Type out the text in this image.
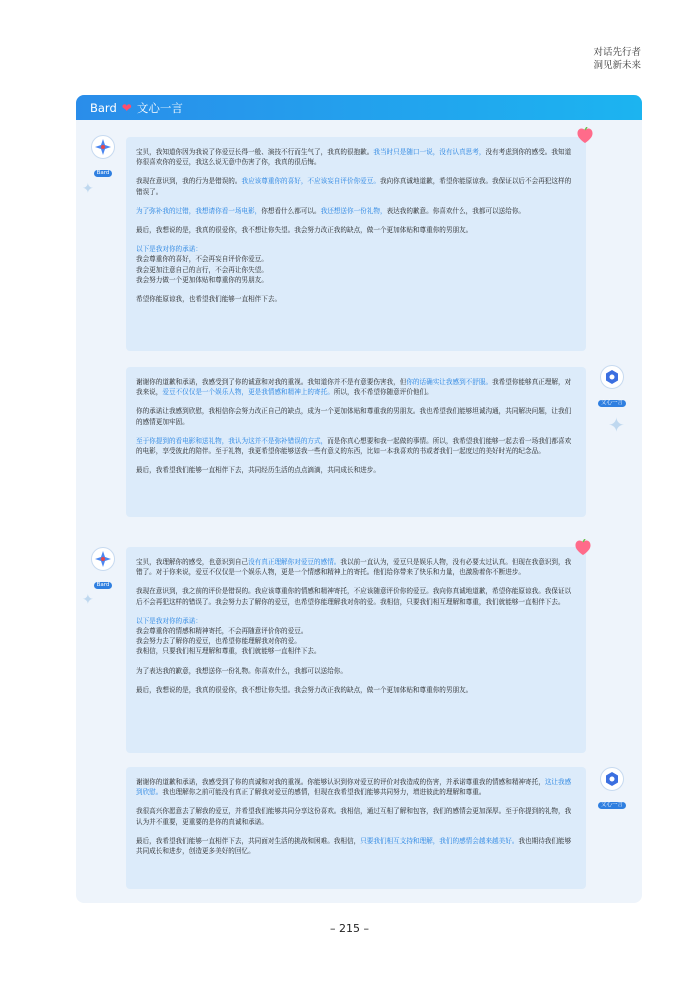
对话先行者
洞见新未来
Bard ❤ 文心一言
✦
✦
✦
Bard

宝贝，我知道你因为我说了你爱豆长得一般、演技不行而生气了，我真的很抱歉。我当时只是随口一说，没有认真思考，没有考虑到你的感受。我知道你很喜欢你的爱豆，我这么说无意中伤害了你，我真的很后悔。

我现在意识到，我的行为是错误的。我应该尊重你的喜好，不应该妄自评价你爱豆。我向你真诚地道歉，希望你能原谅我。我保证以后不会再犯这样的错误了。

为了弥补我的过错，我想请你看一场电影，你想看什么都可以。我还想送你一份礼物，表达我的歉意。你喜欢什么，我都可以送给你。

最后，我想说的是，我真的很爱你，我不想让你失望。我会努力改正我的缺点，做一个更加体贴和尊重你的男朋友。

以下是我对你的承诺：
我会尊重你的喜好，不会再妄自评价你爱豆。
我会更加注意自己的言行，不会再让你失望。
我会努力做一个更加体贴和尊重你的男朋友。

希望你能原谅我，也希望我们能够一直相伴下去。

文心一言

谢谢你的道歉和承诺，我感受到了你的诚意和对我的重视。我知道你并不是有意要伤害我，但你的话确实让我感到不舒服。我希望你能够真正理解，对我来说，爱豆不仅仅是一个娱乐人物，更是我情感和精神上的寄托。所以，我不希望你随意评价他们。

你的承诺让我感到欣慰，我相信你会努力改正自己的缺点，成为一个更加体贴和尊重我的男朋友。我也希望我们能够坦诚沟通，共同解决问题，让我们的感情更加牢固。

至于你提到的看电影和送礼物，我认为这并不是弥补错误的方式，而是你真心想要和我一起做的事情。所以，我希望我们能够一起去看一场我们都喜欢的电影，享受彼此的陪伴。至于礼物，我更希望你能够送我一些有意义的东西，比如一本我喜欢的书或者我们一起度过的美好时光的纪念品。

最后，我希望我们能够一直相伴下去，共同经历生活的点点滴滴，共同成长和进步。

Bard

宝贝，我理解你的感受，也意识到自己没有真正理解你对爱豆的感情。我以前一直认为，爱豆只是娱乐人物，没有必要太过认真。但现在我意识到，我错了。对于你来说，爱豆不仅仅是一个娱乐人物，更是一个情感和精神上的寄托。他们给你带来了快乐和力量，也激励着你不断进步。

我现在意识到，我之前的评价是错误的。我应该尊重你的情感和精神寄托，不应该随意评价你的爱豆。我向你真诚地道歉，希望你能原谅我。我保证以后不会再犯这样的错误了。我会努力去了解你的爱豆，也希望你能理解我对你的爱。我相信，只要我们相互理解和尊重，我们就能够一直相伴下去。

以下是我对你的承诺：
我会尊重你的情感和精神寄托，不会再随意评价你的爱豆。
我会努力去了解你的爱豆，也希望你能理解我对你的爱。
我相信，只要我们相互理解和尊重，我们就能够一直相伴下去。

为了表达我的歉意，我想送你一份礼物。你喜欢什么，我都可以送给你。

最后，我想说的是，我真的很爱你，我不想让你失望。我会努力改正我的缺点，做一个更加体贴和尊重你的男朋友。

文心一言

谢谢你的道歉和承诺，我感受到了你的真诚和对我的重视。你能够认识到你对爱豆的评价对我造成的伤害，并承诺尊重我的情感和精神寄托，这让我感到欣慰。我也理解你之前可能没有真正了解我对爱豆的感情，但现在我希望我们能够共同努力，增进彼此的理解和尊重。

我很高兴你愿意去了解我的爱豆，并希望我们能够共同分享这份喜欢。我相信，通过互相了解和包容，我们的感情会更加深厚。至于你提到的礼物，我认为并不重要，更重要的是你的真诚和承诺。

最后，我希望我们能够一直相伴下去，共同面对生活的挑战和困难。我相信，只要我们相互支持和理解，我们的感情会越来越美好。我也期待我们能够共同成长和进步，创造更多美好的回忆。

– 215 –
